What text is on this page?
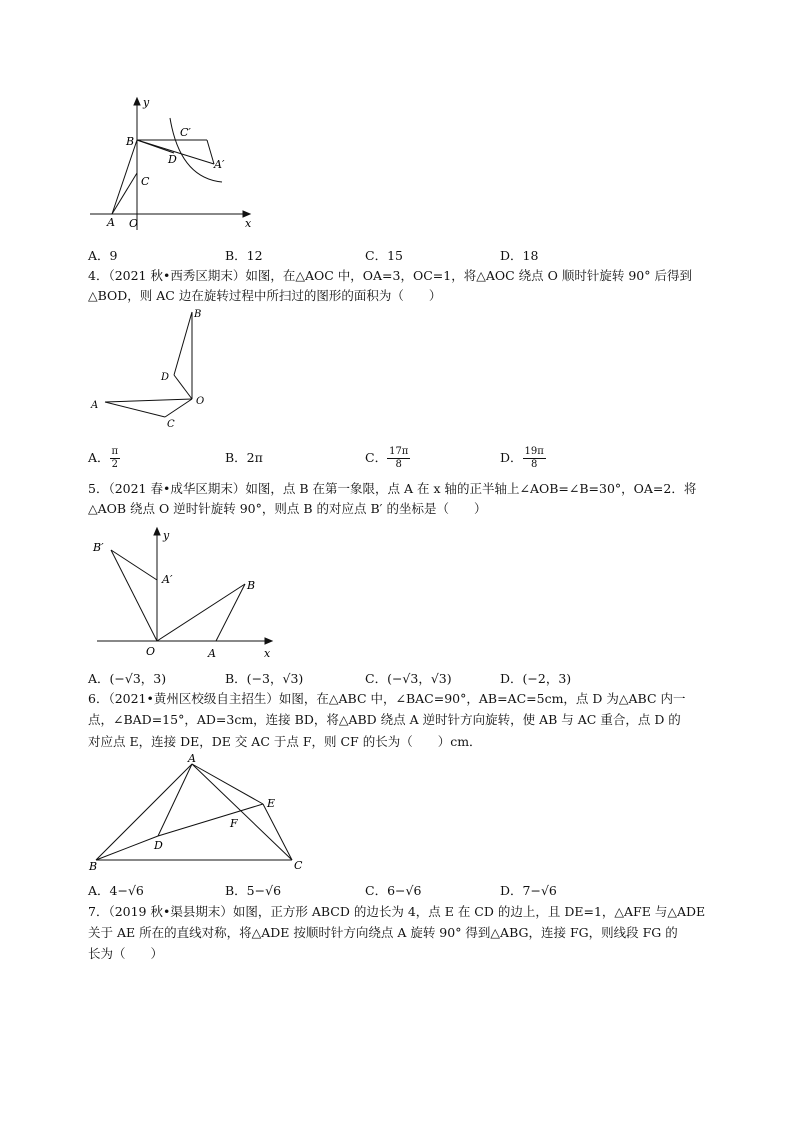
y
x
B
C′
D	A′
C
A O
A．9	B．12	C．15	D．18
4．（2021 秋•西秀区期末）如图，在△AOC 中，OA=3，OC=1，将△AOC 绕点 O 顺时针旋转 90° 后得到
△BOD，则 AC 边在旋转过程中所扫过的图形的面积为（　　）
B
D
A	O
C
A． $\frac{\pi}{2}$	B．2π	C． $\frac{17\pi}{8}$	D． $\frac{19\pi}{8}$
5．（2021 春•成华区期末）如图，点 B 在第一象限，点 A 在 x 轴的正半轴上∠AOB=∠B=30°，OA=2．将
△AOB 绕点 O 逆时针旋转 90°，则点 B 的对应点 B′ 的坐标是（　　）
B′
y
A′	B
O	A	x
A．(−√3，3)	B．(−3，√3)	C．(−√3，√3)	D．(−2，3)
6．（2021•黄州区校级自主招生）如图，在△ABC 中，∠BAC=90°，AB=AC=5cm，点 D 为△ABC 内一
点，∠BAD=15°，AD=3cm，连接 BD，将△ABD 绕点 A 逆时针方向旋转，使 AB 与 AC 重合，点 D 的
对应点 E，连接 DE，DE 交 AC 于点 F，则 CF 的长为（　　）cm．
A
E
F
D
B	C
A．4−√6	B．5−√6	C．6−√6	D．7−√6
7．（2019 秋•渠县期末）如图，正方形 ABCD 的边长为 4，点 E 在 CD 的边上，且 DE=1，△AFE 与△ADE
关于 AE 所在的直线对称，将△ADE 按顺时针方向绕点 A 旋转 90° 得到△ABG，连接 FG，则线段 FG 的
长为（　　）
